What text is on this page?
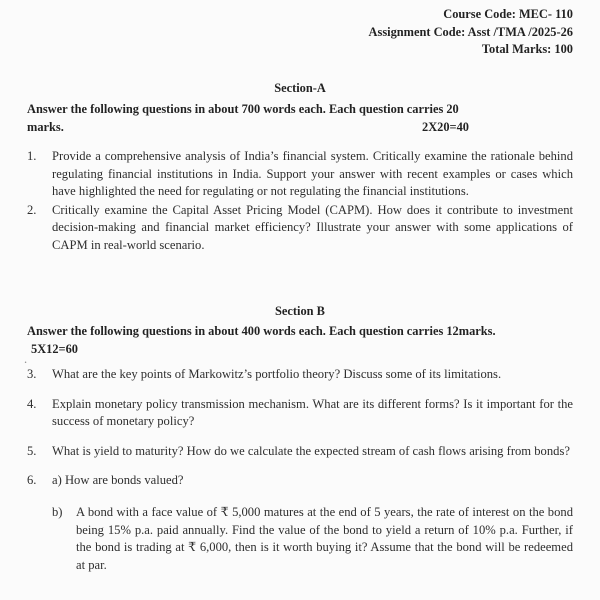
Course Code: MEC- 110
Assignment Code: Asst /TMA /2025-26
Total Marks: 100
Section-A
Answer the following questions in about 700 words each. Each question carries 20
marks.	2X20=40
1.	Provide a comprehensive analysis of India’s financial system. Critically examine the rationale behind regulating financial institutions in India. Support your answer with recent examples or cases which have highlighted the need for regulating or not regulating the financial institutions.
2.	Critically examine the Capital Asset Pricing Model (CAPM). How does it contribute to investment decision-making and financial market efficiency? Illustrate your answer with some applications of CAPM in real-world scenario.
Section B
Answer the following questions in about 400 words each. Each question carries 12marks.
5X12=60
.
3.	What are the key points of Markowitz’s portfolio theory? Discuss some of its limitations.
4.	Explain monetary policy transmission mechanism. What are its different forms? Is it important for the success of monetary policy?
5.	What is yield to maturity? How do we calculate the expected stream of cash flows arising from bonds?
6.	a) How are bonds valued?
b) A bond with a face value of ₹ 5,000 matures at the end of 5 years, the rate of interest on the bond being 15% p.a. paid annually. Find the value of the bond to yield a return of 10% p.a. Further, if the bond is trading at ₹ 6,000, then is it worth buying it? Assume that the bond will be redeemed at par.
